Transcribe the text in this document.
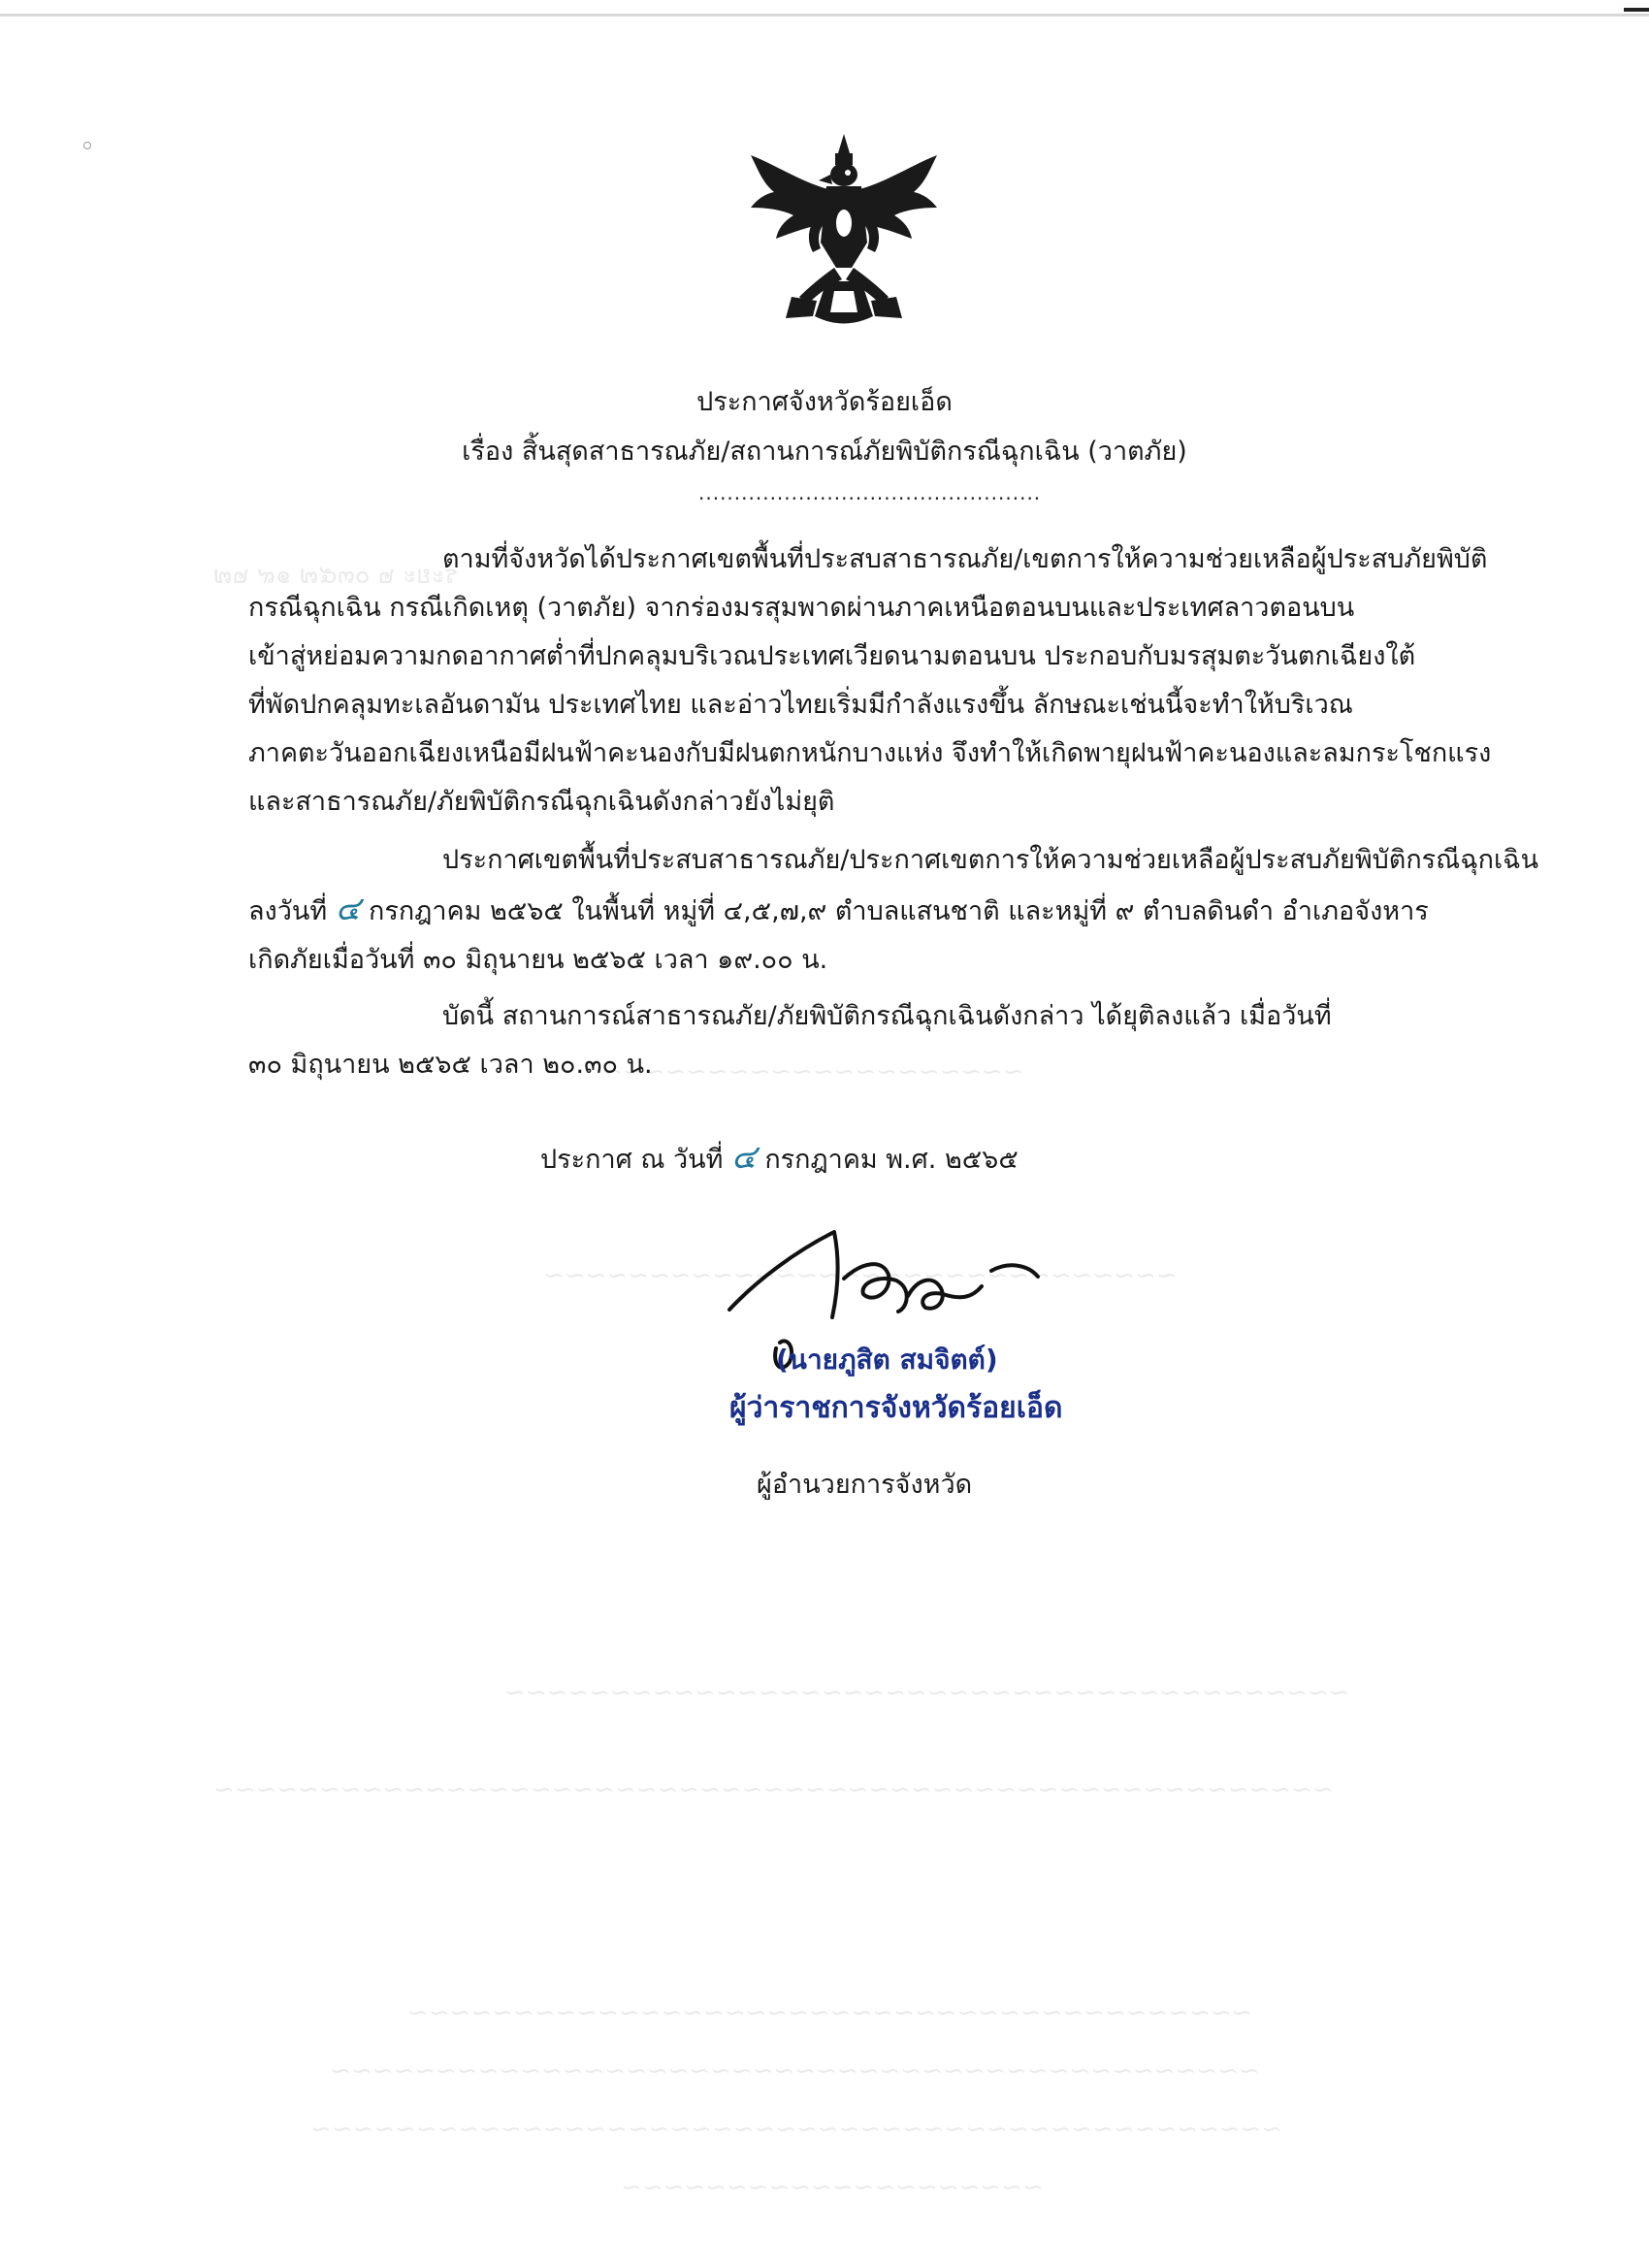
ประกาศจังหวัดร้อยเอ็ด
เรื่อง สิ้นสุดสาธารณภัย/สถานการณ์ภัยพิบัติกรณีฉุกเฉิน (วาตภัย)
................................................
ตามที่จังหวัดได้ประกาศเขตพื้นที่ประสบสาธารณภัย/เขตการให้ความช่วยเหลือผู้ประสบภัยพิบัติ
กรณีฉุกเฉิน กรณีเกิดเหตุ (วาตภัย) จากร่องมรสุมพาดผ่านภาคเหนือตอนบนและประเทศลาวตอนบน
เข้าสู่หย่อมความกดอากาศต่ำที่ปกคลุมบริเวณประเทศเวียดนามตอนบน ประกอบกับมรสุมตะวันตกเฉียงใต้
ที่พัดปกคลุมทะเลอันดามัน ประเทศไทย และอ่าวไทยเริ่มมีกำลังแรงขึ้น ลักษณะเช่นนี้จะทำให้บริเวณ
ภาคตะวันออกเฉียงเหนือมีฝนฟ้าคะนองกับมีฝนตกหนักบางแห่ง จึงทำให้เกิดพายุฝนฟ้าคะนองและลมกระโชกแรง
และสาธารณภัย/ภัยพิบัติกรณีฉุกเฉินดังกล่าวยังไม่ยุติ
ประกาศเขตพื้นที่ประสบสาธารณภัย/ประกาศเขตการให้ความช่วยเหลือผู้ประสบภัยพิบัติกรณีฉุกเฉิน
ลงวันที่ ๔ กรกฎาคม ๒๕๖๕ ในพื้นที่ หมู่ที่ ๔,๕,๗,๙ ตำบลแสนชาติ และหมู่ที่ ๙ ตำบลดินดำ อำเภอจังหาร
เกิดภัยเมื่อวันที่ ๓๐ มิถุนายน ๒๕๖๕ เวลา ๑๙.๐๐ น.
บัดนี้ สถานการณ์สาธารณภัย/ภัยพิบัติกรณีฉุกเฉินดังกล่าว ได้ยุติลงแล้ว เมื่อวันที่
๓๐ มิถุนายน ๒๕๖๕ เวลา ๒๐.๓๐ น.
ประกาศ ณ วันที่ ๔ กรกฎาคม พ.ศ. ๒๕๖๕
(นายภูสิต สมจิตต์)
ผู้ว่าราชการจังหวัดร้อยเอ็ด
ผู้อำนวยการจังหวัด
ระยะ ๒ ๐๓๕๗ ๑๙ ๒๗
~~~~~~~~~~~~~~~~~~~~
~~~~~~~~~~~~~~~~~~~~~~~~~~~~~~
~~~~~~~~~~~~~~~~~~~~~~~~~~~~~~~~~~~~~~~~
~~~~~~~~~~~~~~~~~~~~~~~~~~~~~~~~~~~~~~~~~~~~~~~~~~~~~
~~~~~~~~~~~~~~~~~~~~~~~~~~~~~~~~~~~~~~~~
~~~~~~~~~~~~~~~~~~~~~~~~~~~~~~~~~~~~~~~~~~~~
~~~~~~~~~~~~~~~~~~~~~~~~~~~~~~~~~~~~~~~~~~~~~~
~~~~~~~~~~~~~~~~~~~~
